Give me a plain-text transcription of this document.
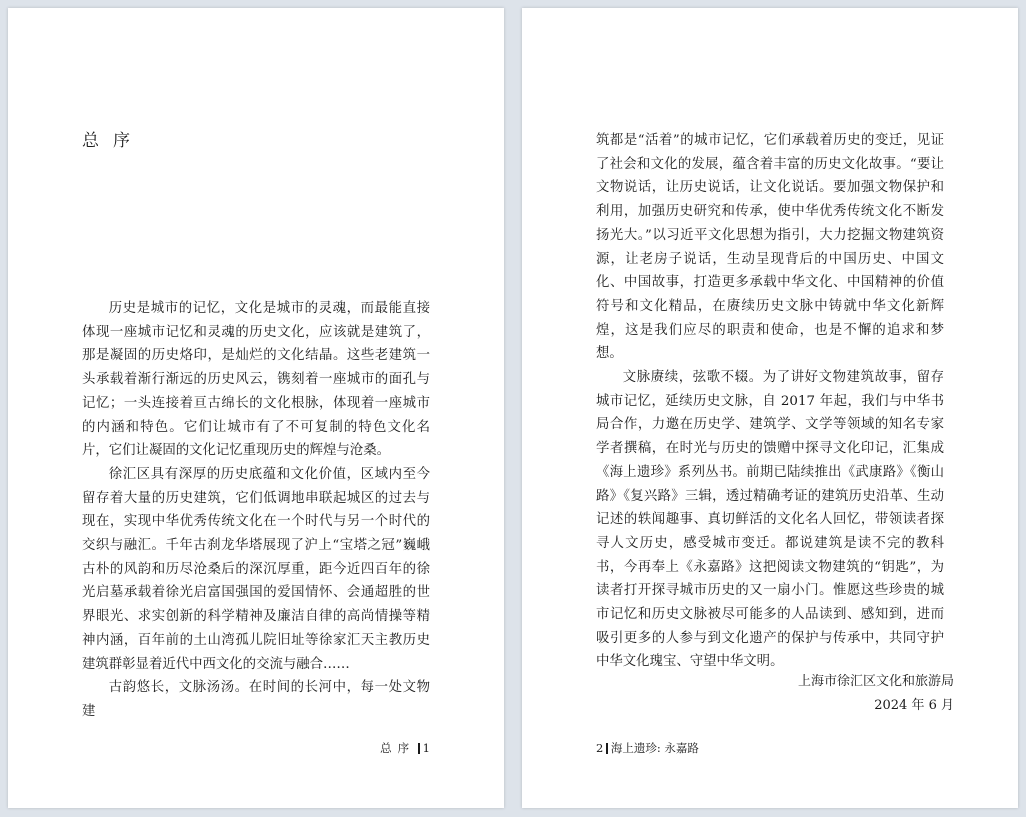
总序

历史是城市的记忆，文化是城市的灵魂，而最能直接体现一座城市记忆和灵魂的历史文化，应该就是建筑了，那是凝固的历史烙印，是灿烂的文化结晶。这些老建筑一头承载着渐行渐远的历史风云，镌刻着一座城市的面孔与记忆；一头连接着亘古绵长的文化根脉，体现着一座城市的内涵和特色。它们让城市有了不可复制的特色文化名片，它们让凝固的文化记忆重现历史的辉煌与沧桑。

徐汇区具有深厚的历史底蕴和文化价值，区域内至今留存着大量的历史建筑，它们低调地串联起城区的过去与现在，实现中华优秀传统文化在一个时代与另一个时代的交织与融汇。千年古刹龙华塔展现了沪上“宝塔之冠”巍峨古朴的风韵和历尽沧桑后的深沉厚重，距今近四百年的徐光启墓承载着徐光启富国强国的爱国情怀、会通超胜的世界眼光、求实创新的科学精神及廉洁自律的高尚情操等精神内涵，百年前的土山湾孤儿院旧址等徐家汇天主教历史建筑群彰显着近代中西文化的交流与融合……

古韵悠长，文脉汤汤。在时间的长河中，每一处文物建

总序 1

筑都是“活着”的城市记忆，它们承载着历史的变迁，见证了社会和文化的发展，蕴含着丰富的历史文化故事。“要让文物说话，让历史说话，让文化说话。要加强文物保护和利用，加强历史研究和传承，使中华优秀传统文化不断发扬光大。”以习近平文化思想为指引，大力挖掘文物建筑资源，让老房子说话，生动呈现背后的中国历史、中国文化、中国故事，打造更多承载中华文化、中国精神的价值符号和文化精品，在赓续历史文脉中铸就中华文化新辉煌，这是我们应尽的职责和使命，也是不懈的追求和梦想。

文脉赓续，弦歌不辍。为了讲好文物建筑故事，留存城市记忆，延续历史文脉，自 2017 年起，我们与中华书局合作，力邀在历史学、建筑学、文学等领域的知名专家学者撰稿，在时光与历史的馈赠中探寻文化印记，汇集成《海上遗珍》系列丛书。前期已陆续推出《武康路》《衡山路》《复兴路》三辑，透过精确考证的建筑历史沿革、生动记述的轶闻趣事、真切鲜活的文化名人回忆，带领读者探寻人文历史，感受城市变迁。都说建筑是读不完的教科书，今再奉上《永嘉路》这把阅读文物建筑的“钥匙”，为读者打开探寻城市历史的又一扇小门。惟愿这些珍贵的城市记忆和历史文脉被尽可能多的人品读到、感知到，进而吸引更多的人参与到文化遗产的保护与传承中，共同守护中华文化瑰宝、守望中华文明。

上海市徐汇区文化和旅游局
2024 年 6 月
2 海上遗珍: 永嘉路
